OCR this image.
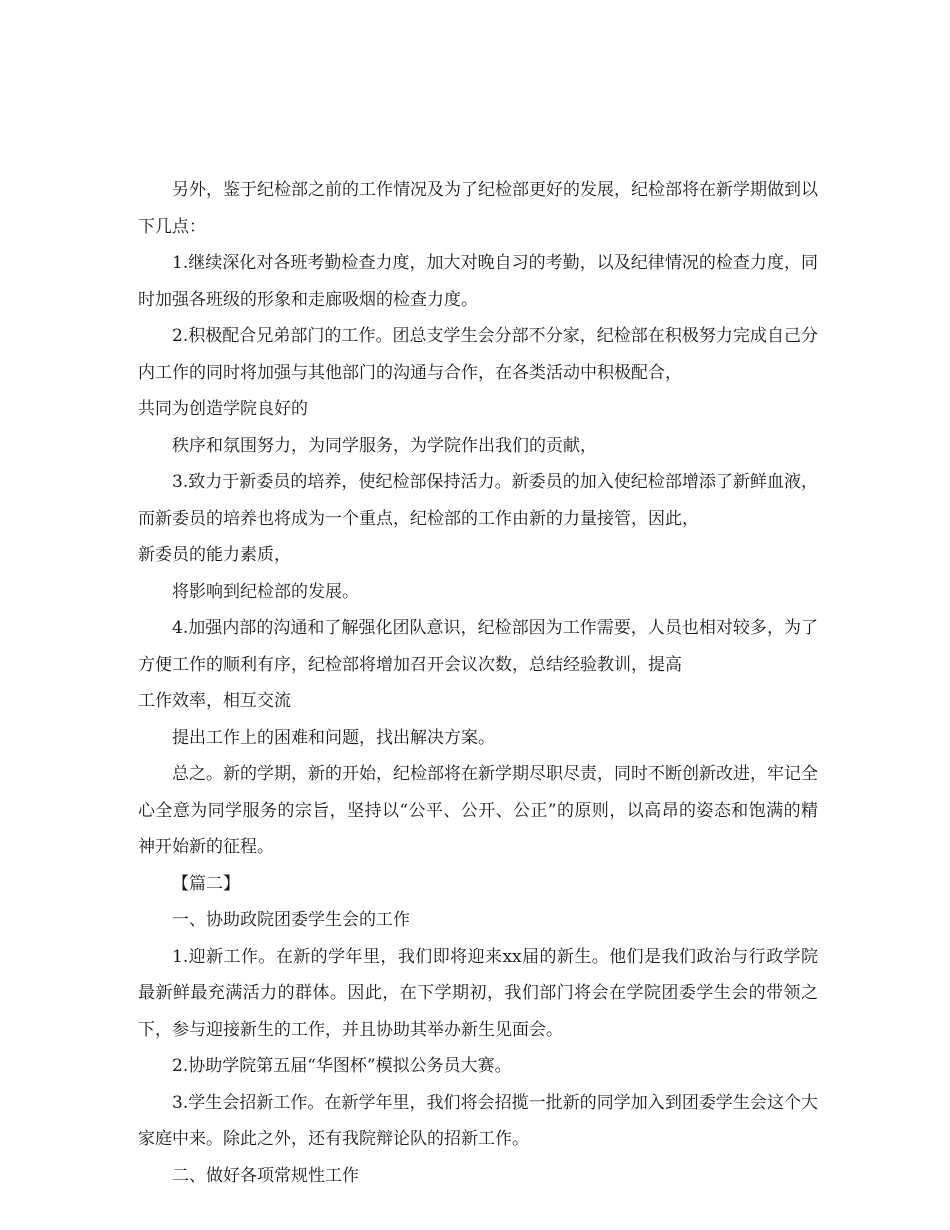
另外，鉴于纪检部之前的工作情况及为了纪检部更好的发展，纪检部将在新学期做到以下几点：

1.继续深化对各班考勤检查力度，加大对晚自习的考勤，以及纪律情况的检查力度，同时加强各班级的形象和走廊吸烟的检查力度。

2.积极配合兄弟部门的工作。团总支学生会分部不分家，纪检部在积极努力完成自己分内工作的同时将加强与其他部门的沟通与合作，在各类活动中积极配合，

共同为创造学院良好的

秩序和氛围努力，为同学服务，为学院作出我们的贡献，

3.致力于新委员的培养，使纪检部保持活力。新委员的加入使纪检部增添了新鲜血液，而新委员的培养也将成为一个重点，纪检部的工作由新的力量接管，因此，

新委员的能力素质，

将影响到纪检部的发展。

4.加强内部的沟通和了解强化团队意识，纪检部因为工作需要，人员也相对较多，为了方便工作的顺利有序，纪检部将增加召开会议次数，总结经验教训，提高

工作效率，相互交流

提出工作上的困难和问题，找出解决方案。

总之。新的学期，新的开始，纪检部将在新学期尽职尽责，同时不断创新改进，牢记全心全意为同学服务的宗旨，坚持以“公平、公开、公正”的原则，以高昂的姿态和饱满的精神开始新的征程。

【篇二】

一、协助政院团委学生会的工作

1.迎新工作。在新的学年里，我们即将迎来xx届的新生。他们是我们政治与行政学院最新鲜最充满活力的群体。因此，在下学期初，我们部门将会在学院团委学生会的带领之下，参与迎接新生的工作，并且协助其举办新生见面会。

2.协助学院第五届“华图杯”模拟公务员大赛。

3.学生会招新工作。在新学年里，我们将会招揽一批新的同学加入到团委学生会这个大家庭中来。除此之外，还有我院辩论队的招新工作。

二、做好各项常规性工作
